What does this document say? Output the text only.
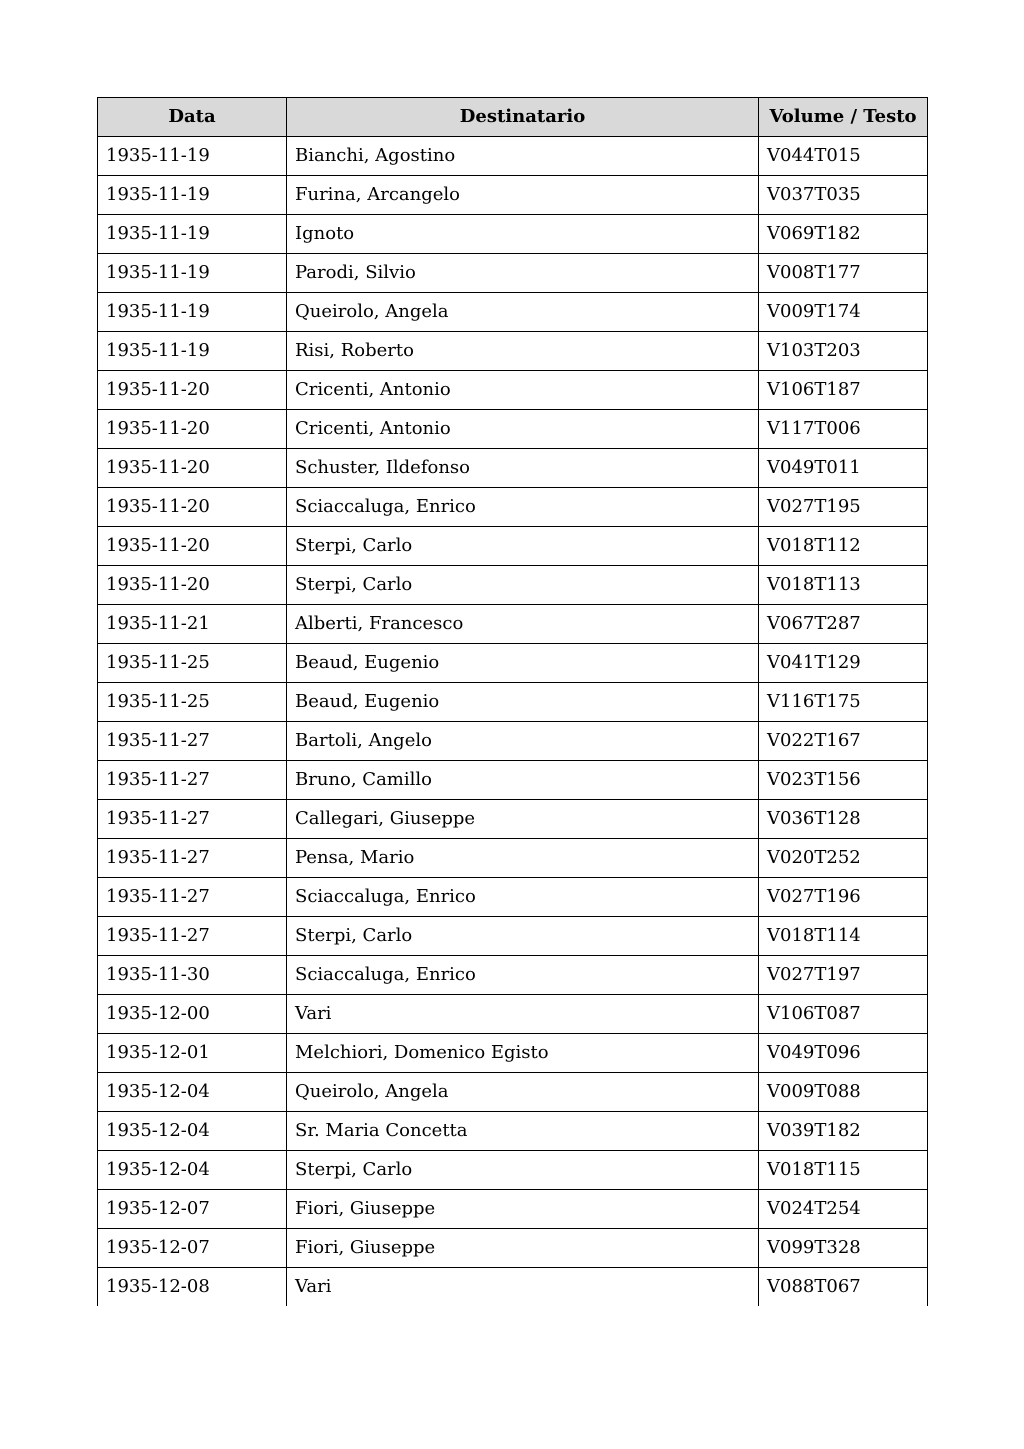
Data	Destinatario	Volume / Testo
1935-11-19	Bianchi, Agostino	V044T015
1935-11-19	Furina, Arcangelo	V037T035
1935-11-19	Ignoto	V069T182
1935-11-19	Parodi, Silvio	V008T177
1935-11-19	Queirolo, Angela	V009T174
1935-11-19	Risi, Roberto	V103T203
1935-11-20	Cricenti, Antonio	V106T187
1935-11-20	Cricenti, Antonio	V117T006
1935-11-20	Schuster, Ildefonso	V049T011
1935-11-20	Sciaccaluga, Enrico	V027T195
1935-11-20	Sterpi, Carlo	V018T112
1935-11-20	Sterpi, Carlo	V018T113
1935-11-21	Alberti, Francesco	V067T287
1935-11-25	Beaud, Eugenio	V041T129
1935-11-25	Beaud, Eugenio	V116T175
1935-11-27	Bartoli, Angelo	V022T167
1935-11-27	Bruno, Camillo	V023T156
1935-11-27	Callegari, Giuseppe	V036T128
1935-11-27	Pensa, Mario	V020T252
1935-11-27	Sciaccaluga, Enrico	V027T196
1935-11-27	Sterpi, Carlo	V018T114
1935-11-30	Sciaccaluga, Enrico	V027T197
1935-12-00	Vari	V106T087
1935-12-01	Melchiori, Domenico Egisto	V049T096
1935-12-04	Queirolo, Angela	V009T088
1935-12-04	Sr. Maria Concetta	V039T182
1935-12-04	Sterpi, Carlo	V018T115
1935-12-07	Fiori, Giuseppe	V024T254
1935-12-07	Fiori, Giuseppe	V099T328
1935-12-08	Vari	V088T067
